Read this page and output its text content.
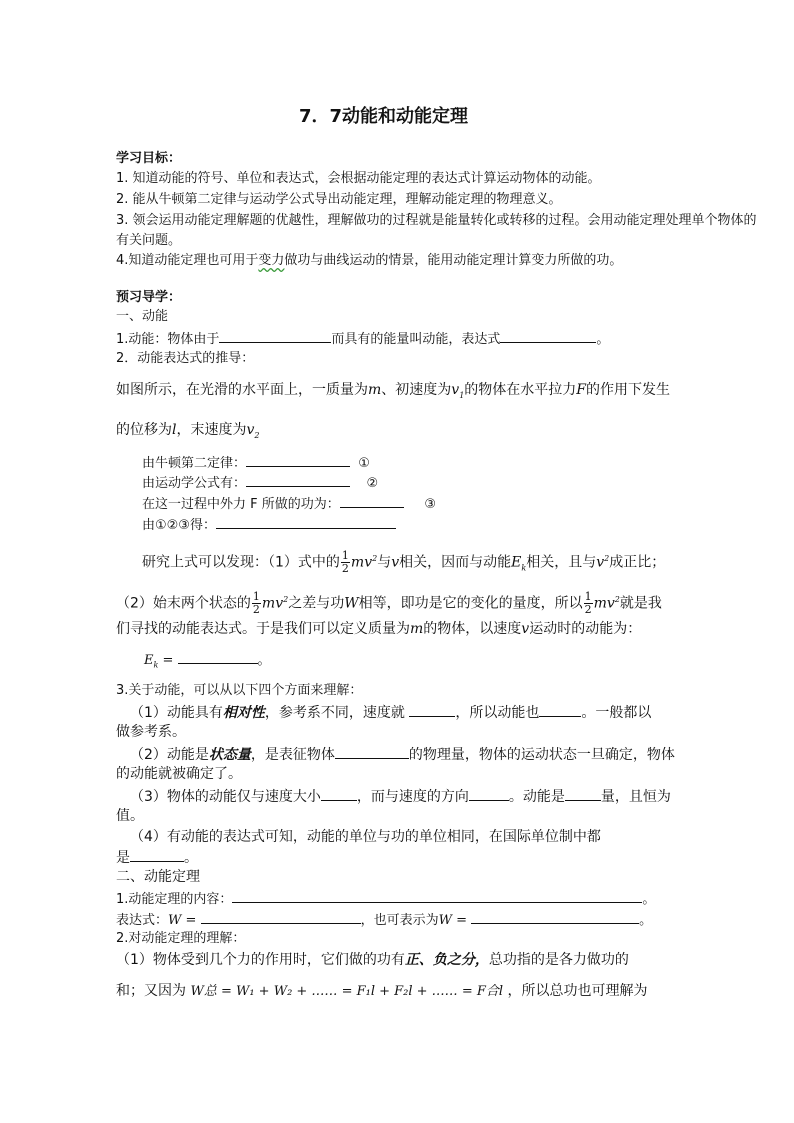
7．7动能和动能定理
学习目标：
1. 知道动能的符号、单位和表达式，会根据动能定理的表达式计算运动物体的动能。
2. 能从牛顿第二定律与运动学公式导出动能定理，理解动能定理的物理意义。
3. 领会运用动能定理解题的优越性，理解做功的过程就是能量转化或转移的过程。会用动能定理处理单个物体的
有关问题。
4.知道动能定理也可用于变力做功与曲线运动的情景，能用动能定理计算变力所做的功。
预习导学：
一、动能
1.动能：物体由于	而具有的能量叫动能，表达式	。
2．动能表达式的推导：
如图所示，在光滑的水平面上，一质量为m、初速度为$v_1$的物体在水平拉力F的作用下发生
的位移为l，末速度为$v_2$
由牛顿第二定律：	①
由运动学公式有：	②
在这一过程中外力 F 所做的功为：	③
由①②③得：
研究上式可以发现：（1）式中的 $\frac{1}{2} mv^2$与v相关，因而与动能$E_k$相关，且与$v^2$成正比；
（2）始末两个状态的 $\frac{1}{2} mv^2$之差与功W相等，即功是它的变化的量度，所以 $\frac{1}{2} mv^2$就是我
们寻找的动能表达式。于是我们可以定义质量为m的物体，以速度v运动时的动能为：
$E_k$ =	。
3.关于动能，可以从以下四个方面来理解：
（1）动能具有相对性，参考系不同，速度就	，所以动能也	。一般都以
做参考系。
（2）动能是状态量，是表征物体	的物理量，物体的运动状态一旦确定，物体
的动能就被确定了。
（3）物体的动能仅与速度大小	，而与速度的方向	。动能是	量，且恒为
值。
（4）有动能的表达式可知，动能的单位与功的单位相同，在国际单位制中都
是	。
二、动能定理
1.动能定理的内容：	。
表达式：W =	，也可表示为W =	。
2.对动能定理的理解：
（1）物体受到几个力的作用时，它们做的功有正、负之分，总功指的是各力做功的
和；又因为 W总 = W₁ + W₂ + …… = F₁l + F₂l + …… = F合l ，所以总功也可理解为
